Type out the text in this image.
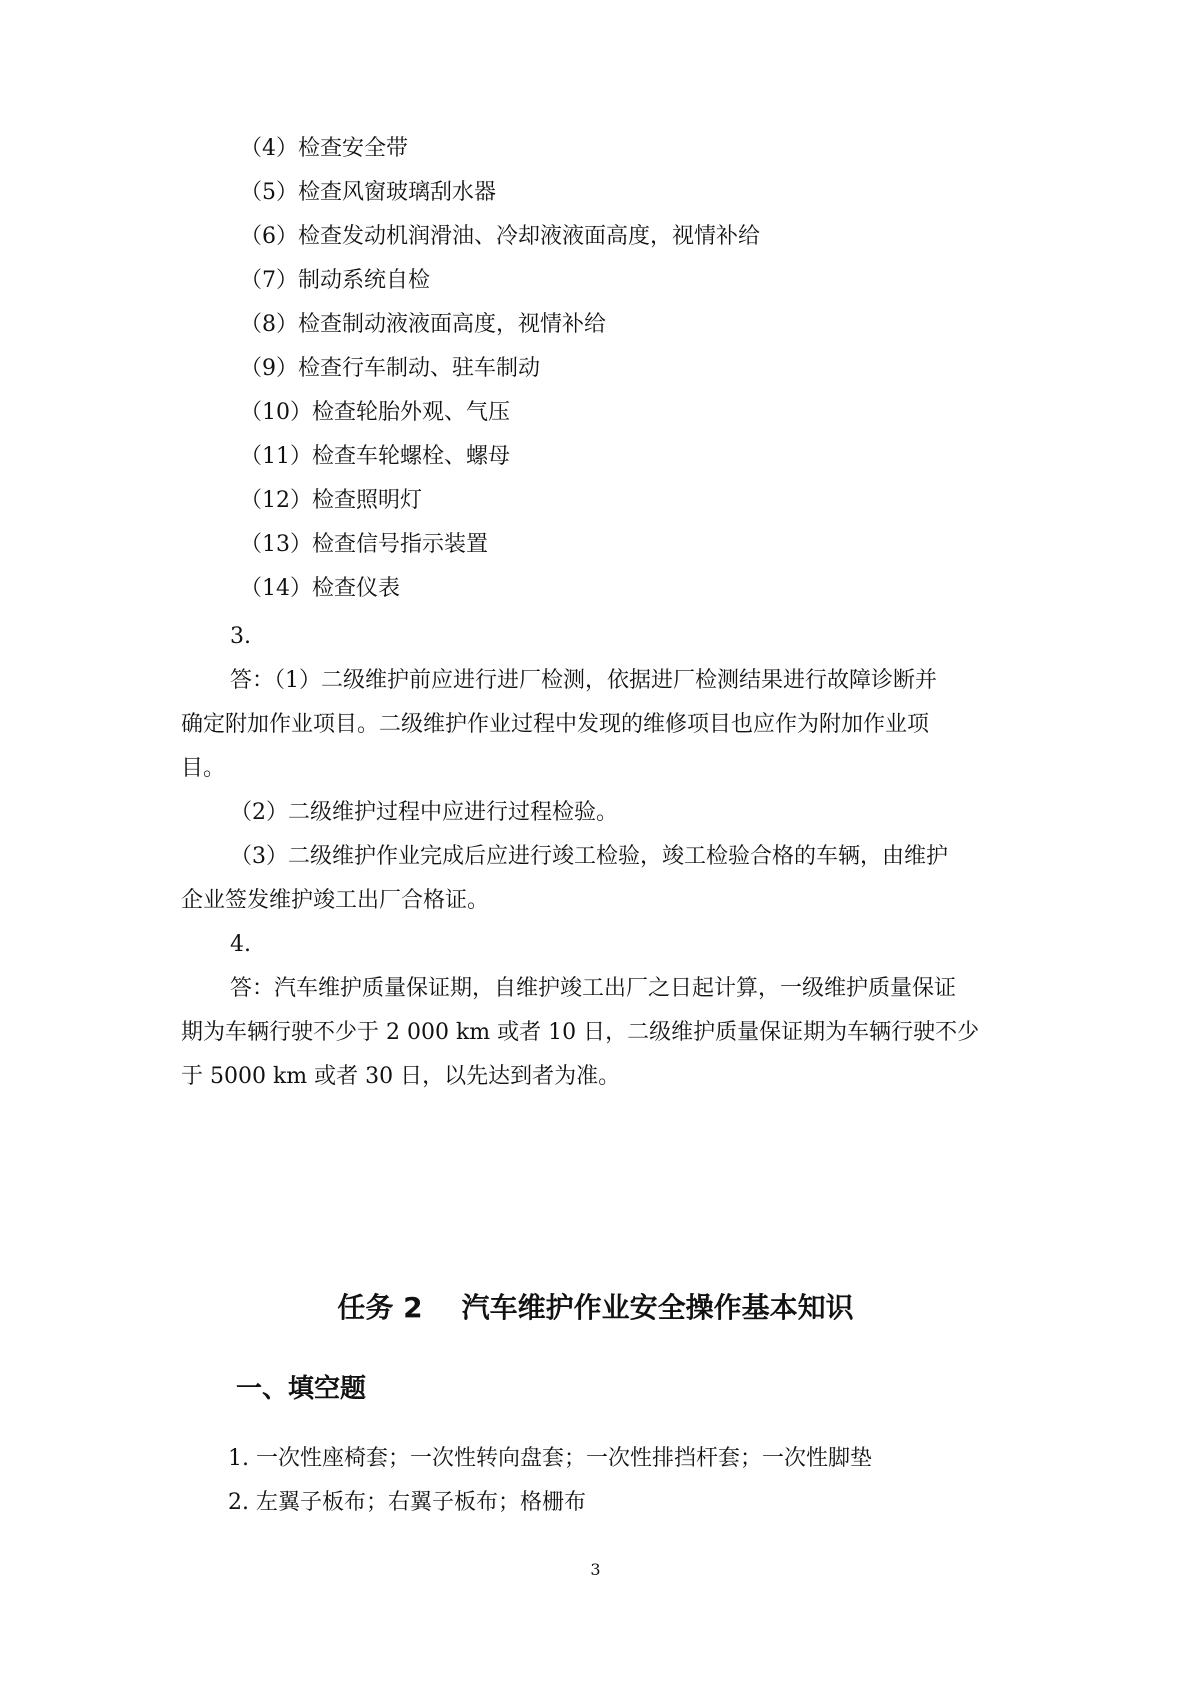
（4）检查安全带
（5）检查风窗玻璃刮水器
（6）检查发动机润滑油、冷却液液面高度，视情补给
（7）制动系统自检
（8）检查制动液液面高度，视情补给
（9）检查行车制动、驻车制动
（10）检查轮胎外观、气压
（11）检查车轮螺栓、螺母
（12）检查照明灯
（13）检查信号指示装置
（14）检查仪表
3.
答：（1）二级维护前应进行进厂检测，依据进厂检测结果进行故障诊断并
确定附加作业项目。二级维护作业过程中发现的维修项目也应作为附加作业项
目。
（2）二级维护过程中应进行过程检验。
（3）二级维护作业完成后应进行竣工检验，竣工检验合格的车辆，由维护
企业签发维护竣工出厂合格证。
4.
答：汽车维护质量保证期，自维护竣工出厂之日起计算，一级维护质量保证
期为车辆行驶不少于 2 000 km 或者 10 日，二级维护质量保证期为车辆行驶不少
于 5000 km 或者 30 日，以先达到者为准。
任务 2    汽车维护作业安全操作基本知识
一、填空题
1. 一次性座椅套；一次性转向盘套；一次性排挡杆套；一次性脚垫
2. 左翼子板布；右翼子板布；格栅布
3
